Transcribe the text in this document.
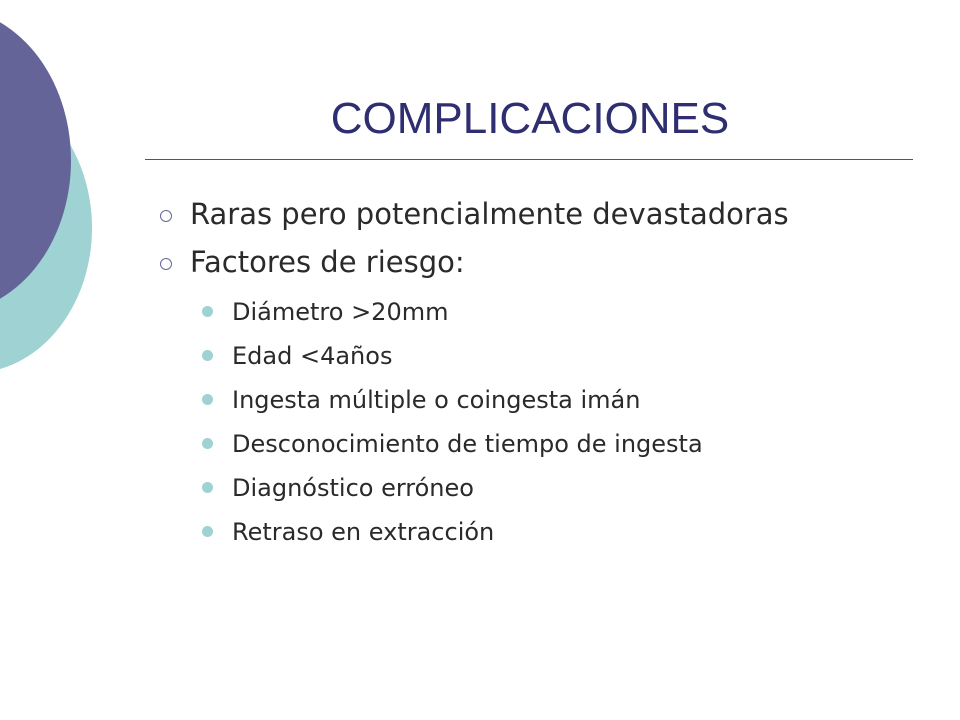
COMPLICACIONES
Raras pero potencialmente devastadoras
Factores de riesgo:
Diámetro >20mm
Edad <4años
Ingesta múltiple o coingesta imán
Desconocimiento de tiempo de ingesta
Diagnóstico erróneo
Retraso en extracción
